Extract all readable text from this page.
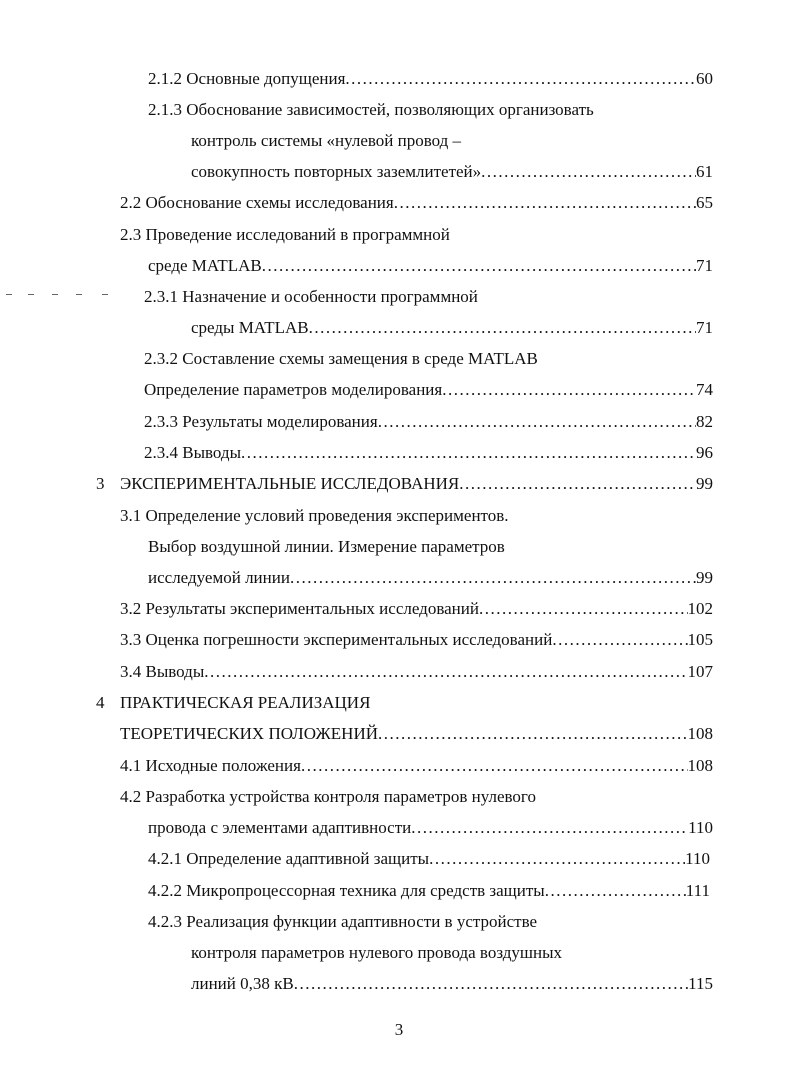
2.1.2 Основные допущения .....	60
2.1.3 Обоснование зависимостей, позволяющих организовать
контроль системы «нулевой провод –
совокупность повторных заземлитетей» .....	61
2.2 Обоснование схемы исследования .....	65
2.3 Проведение исследований в программной
среде MATLAB .....	71
2.3.1 Назначение и особенности программной
среды MATLAB .....	71
2.3.2 Составление схемы замещения в среде MATLAB
Определение параметров моделирования .....	74
2.3.3 Результаты моделирования .....	82
2.3.4 Выводы .....	96
3 ЭКСПЕРИМЕНТАЛЬНЫЕ ИССЛЕДОВАНИЯ .....	99
3.1 Определение условий проведения экспериментов.
Выбор воздушной линии. Измерение параметров
исследуемой линии .....	99
3.2 Результаты экспериментальных исследований .....	102
3.3 Оценка погрешности экспериментальных исследований .....	105
3.4 Выводы .....	107
4 ПРАКТИЧЕСКАЯ РЕАЛИЗАЦИЯ
ТЕОРЕТИЧЕСКИХ ПОЛОЖЕНИЙ .....	108
4.1 Исходные положения .....	108
4.2 Разработка устройства контроля параметров нулевого
провода с элементами адаптивности .....	110
4.2.1 Определение адаптивной защиты .....	110
4.2.2 Микропроцессорная техника для средств защиты .....	111
4.2.3 Реализация функции адаптивности в устройстве
контроля параметров нулевого провода воздушных
линий 0,38 кВ .....	115
3
